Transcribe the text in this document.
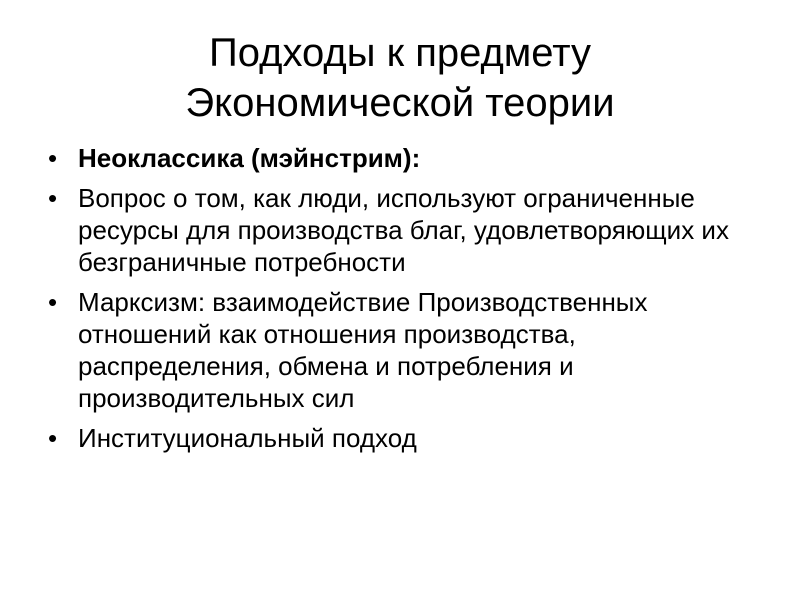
Подходы к предмету
Экономической теории
• Неоклассика (мэйнстрим):
• Вопрос о том, как люди, используют ограниченные ресурсы для производства благ, удовлетворяющих их безграничные потребности
• Марксизм: взаимодействие Производственных отношений как отношения производства, распределения, обмена и потребления и производительных сил
• Институциональный подход
